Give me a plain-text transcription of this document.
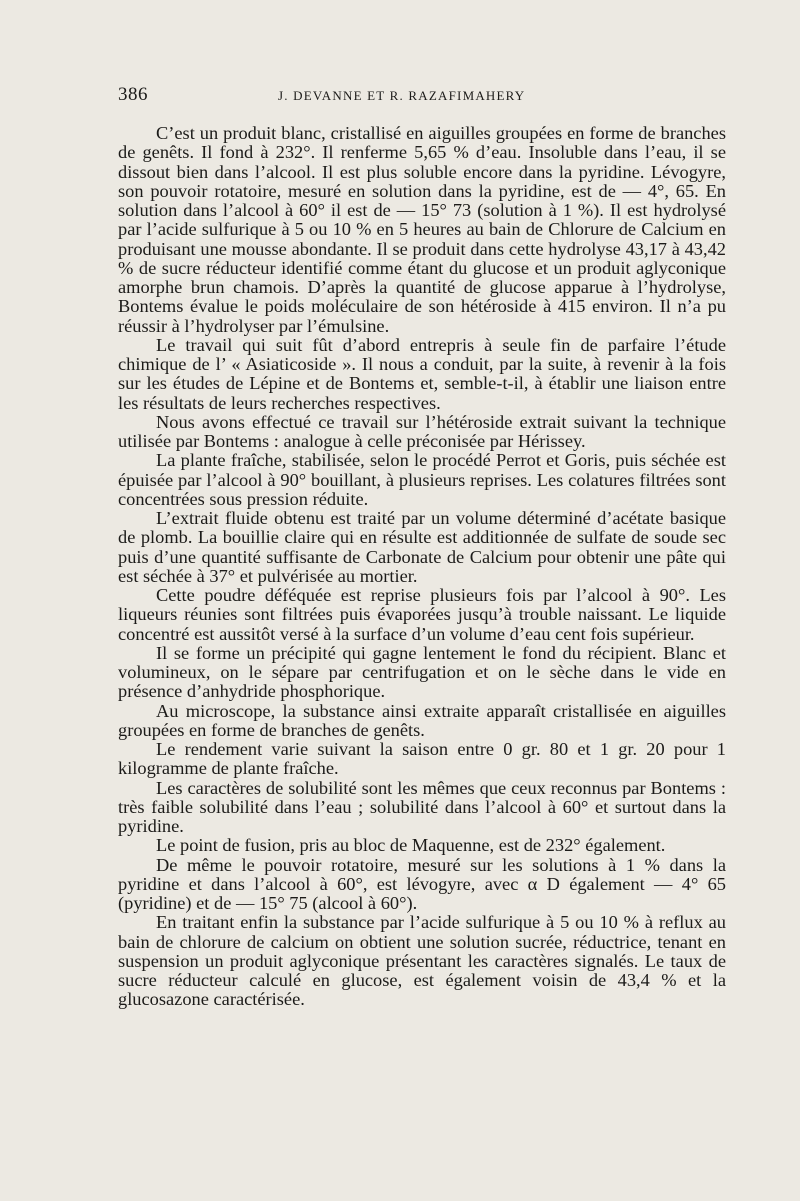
386	J. DEVANNE ET R. RAZAFIMAHERY

C’est un produit blanc, cristallisé en aiguilles groupées en forme de branches de genêts. Il fond à 232°. Il renferme 5,65 % d’eau. Insoluble dans l’eau, il se dissout bien dans l’alcool. Il est plus soluble encore dans la pyridine. Lévogyre, son pouvoir rotatoire, mesuré en solution dans la pyridine, est de — 4°, 65. En solution dans l’alcool à 60° il est de — 15° 73 (solution à 1 %). Il est hydrolysé par l’acide sulfurique à 5 ou 10 % en 5 heures au bain de Chlorure de Calcium en produisant une mousse abondante. Il se produit dans cette hydrolyse 43,17 à 43,42 % de sucre réducteur identifié comme étant du glucose et un produit aglyconique amorphe brun chamois. D’après la quantité de glucose apparue à l’hydrolyse, Bontems évalue le poids moléculaire de son hétéroside à 415 environ. Il n’a pu réussir à l’hydrolyser par l’émulsine.

Le travail qui suit fût d’abord entrepris à seule fin de parfaire l’étude chimique de l’ « Asiaticoside ». Il nous a conduit, par la suite, à revenir à la fois sur les études de Lépine et de Bontems et, semble-t-il, à établir une liaison entre les résultats de leurs recherches respectives.

Nous avons effectué ce travail sur l’hétéroside extrait suivant la technique utilisée par Bontems : analogue à celle préconisée par Hérissey.

La plante fraîche, stabilisée, selon le procédé Perrot et Goris, puis séchée est épuisée par l’alcool à 90° bouillant, à plusieurs reprises. Les colatures filtrées sont concentrées sous pression réduite.

L’extrait fluide obtenu est traité par un volume déterminé d’acétate basique de plomb. La bouillie claire qui en résulte est additionnée de sulfate de soude sec puis d’une quantité suffisante de Carbonate de Calcium pour obtenir une pâte qui est séchée à 37° et pulvérisée au mortier.

Cette poudre déféquée est reprise plusieurs fois par l’alcool à 90°. Les liqueurs réunies sont filtrées puis évaporées jusqu’à trouble naissant. Le liquide concentré est aussitôt versé à la surface d’un volume d’eau cent fois supérieur.

Il se forme un précipité qui gagne lentement le fond du récipient. Blanc et volumineux, on le sépare par centrifugation et on le sèche dans le vide en présence d’anhydride phosphorique.

Au microscope, la substance ainsi extraite apparaît cristallisée en aiguilles groupées en forme de branches de genêts.

Le rendement varie suivant la saison entre 0 gr. 80 et 1 gr. 20 pour 1 kilogramme de plante fraîche.

Les caractères de solubilité sont les mêmes que ceux reconnus par Bontems : très faible solubilité dans l’eau ; solubilité dans l’alcool à 60° et surtout dans la pyridine.

Le point de fusion, pris au bloc de Maquenne, est de 232° également.

De même le pouvoir rotatoire, mesuré sur les solutions à 1 % dans la pyridine et dans l’alcool à 60°, est lévogyre, avec α D également — 4° 65 (pyridine) et de — 15° 75 (alcool à 60°).

En traitant enfin la substance par l’acide sulfurique à 5 ou 10 % à reflux au bain de chlorure de calcium on obtient une solution sucrée, réductrice, tenant en suspension un produit aglyconique présentant les caractères signalés. Le taux de sucre réducteur calculé en glucose, est également voisin de 43,4 % et la glucosazone caractérisée.
